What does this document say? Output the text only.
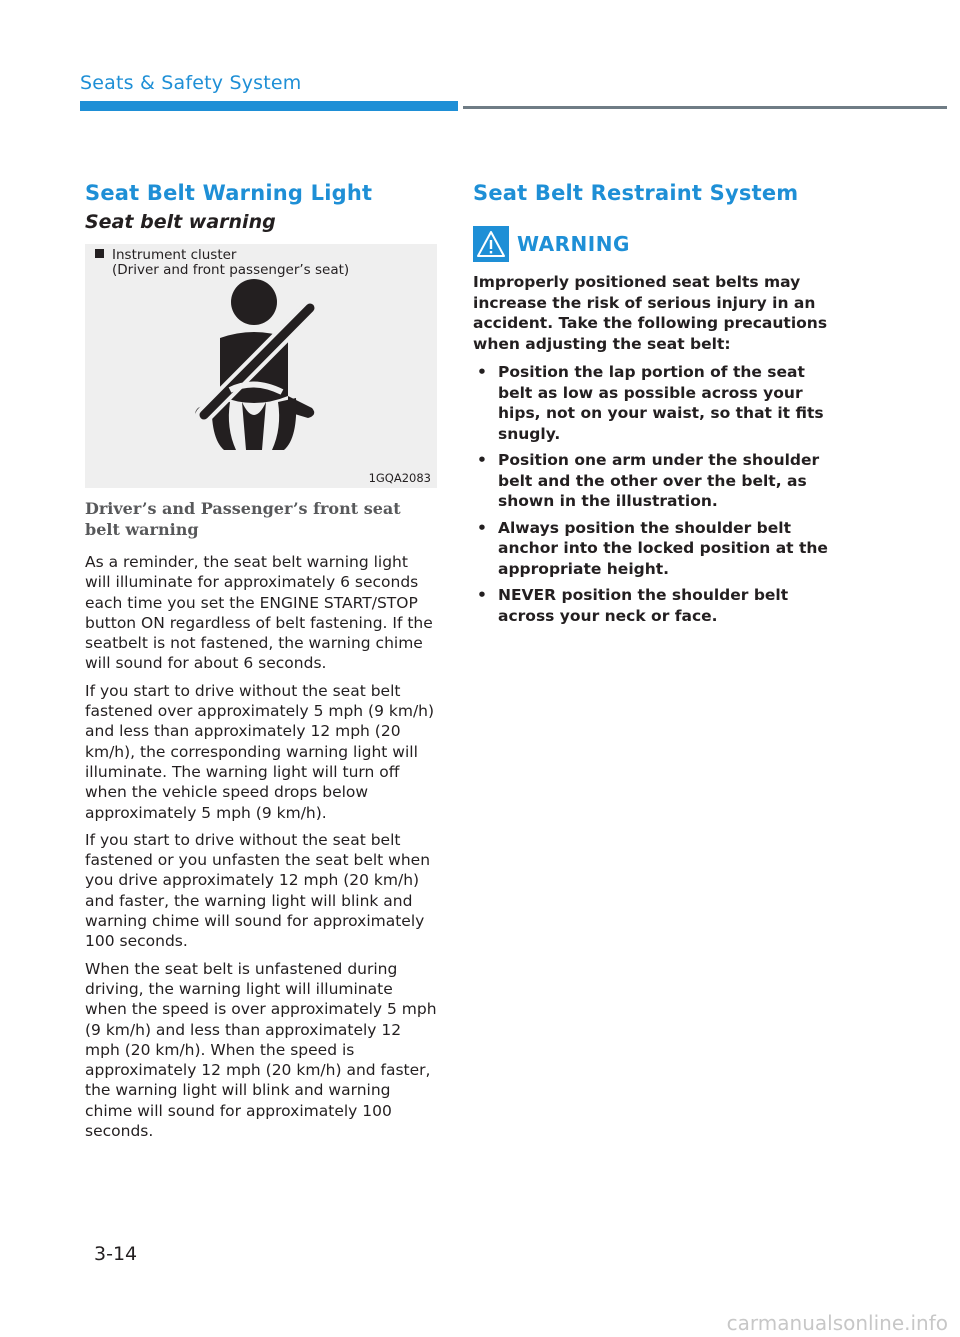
Seats & Safety System
Seat Belt Warning Light
Seat belt warning
Instrument cluster
(Driver and front passenger’s seat)
1GQA2083
Driver’s and Passenger’s front seat belt warning

As a reminder, the seat belt warning light will illuminate for approximately 6 seconds each time you set the ENGINE START/STOP button ON regardless of belt fastening. If the seatbelt is not fastened, the warning chime will sound for about 6 seconds.

If you start to drive without the seat belt fastened over approximately 5 mph (9 km/h) and less than approximately 12 mph (20 km/h), the corresponding warning light will illuminate. The warning light will turn off when the vehicle speed drops below approximately 5 mph (9 km/h).

If you start to drive without the seat belt fastened or you unfasten the seat belt when you drive approximately 12 mph (20 km/h) and faster, the warning light will blink and warning chime will sound for approximately 100 seconds.

When the seat belt is unfastened during driving, the warning light will illuminate when the speed is over approximately 5 mph (9 km/h) and less than approximately 12 mph (20 km/h). When the speed is approximately 12 mph (20 km/h) and faster, the warning light will blink and warning chime will sound for approximately 100 seconds.

Seat Belt Restraint System
WARNING

Improperly positioned seat belts may increase the risk of serious injury in an accident. Take the following precautions when adjusting the seat belt:

• Position the lap portion of the seat belt as low as possible across your hips, not on your waist, so that it fits snugly.
• Position one arm under the shoulder belt and the other over the belt, as shown in the illustration.
• Always position the shoulder belt anchor into the locked position at the appropriate height.
• NEVER position the shoulder belt across your neck or face.
3-14
carmanualsonline.info
